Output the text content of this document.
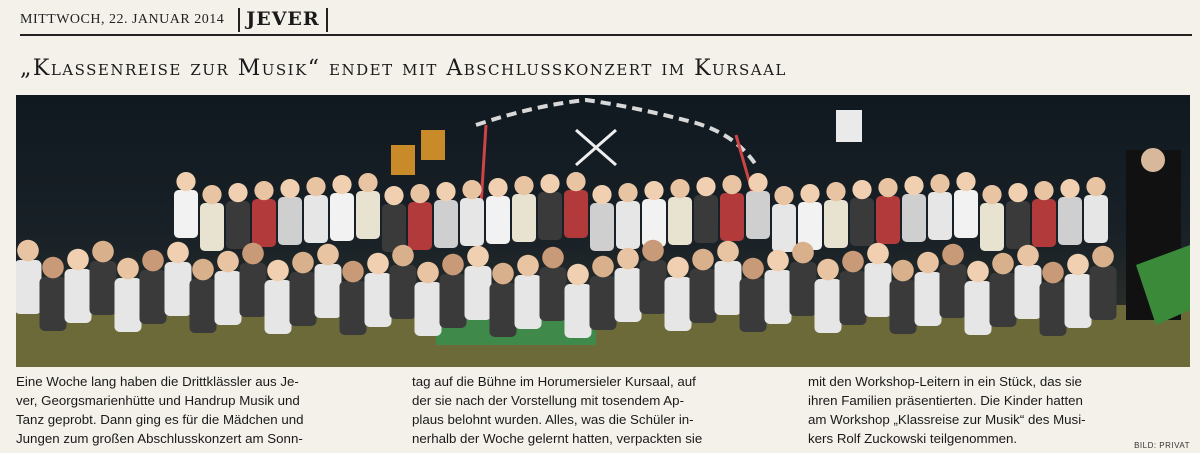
MITTWOCH, 22. JANUAR 2014	JEVER
„Klassenreise zur Musik“ endet mit Abschlusskonzert im Kursaal
Eine Woche lang haben die Drittklässler aus Je-
ver, Georgsmarienhütte und Handrup Musik und
Tanz geprobt. Dann ging es für die Mädchen und
Jungen zum großen Abschlusskonzert am Sonn-
tag auf die Bühne im Horumersieler Kursaal, auf
der sie nach der Vorstellung mit tosendem Ap-
plaus belohnt wurden. Alles, was die Schüler in-
nerhalb der Woche gelernt hatten, verpackten sie
mit den Workshop-Leitern in ein Stück, das sie
ihren Familien präsentierten. Die Kinder hatten
am Workshop „Klassreise zur Musik“ des Musi-
kers Rolf Zuckowski teilgenommen.	BILD: PRIVAT
